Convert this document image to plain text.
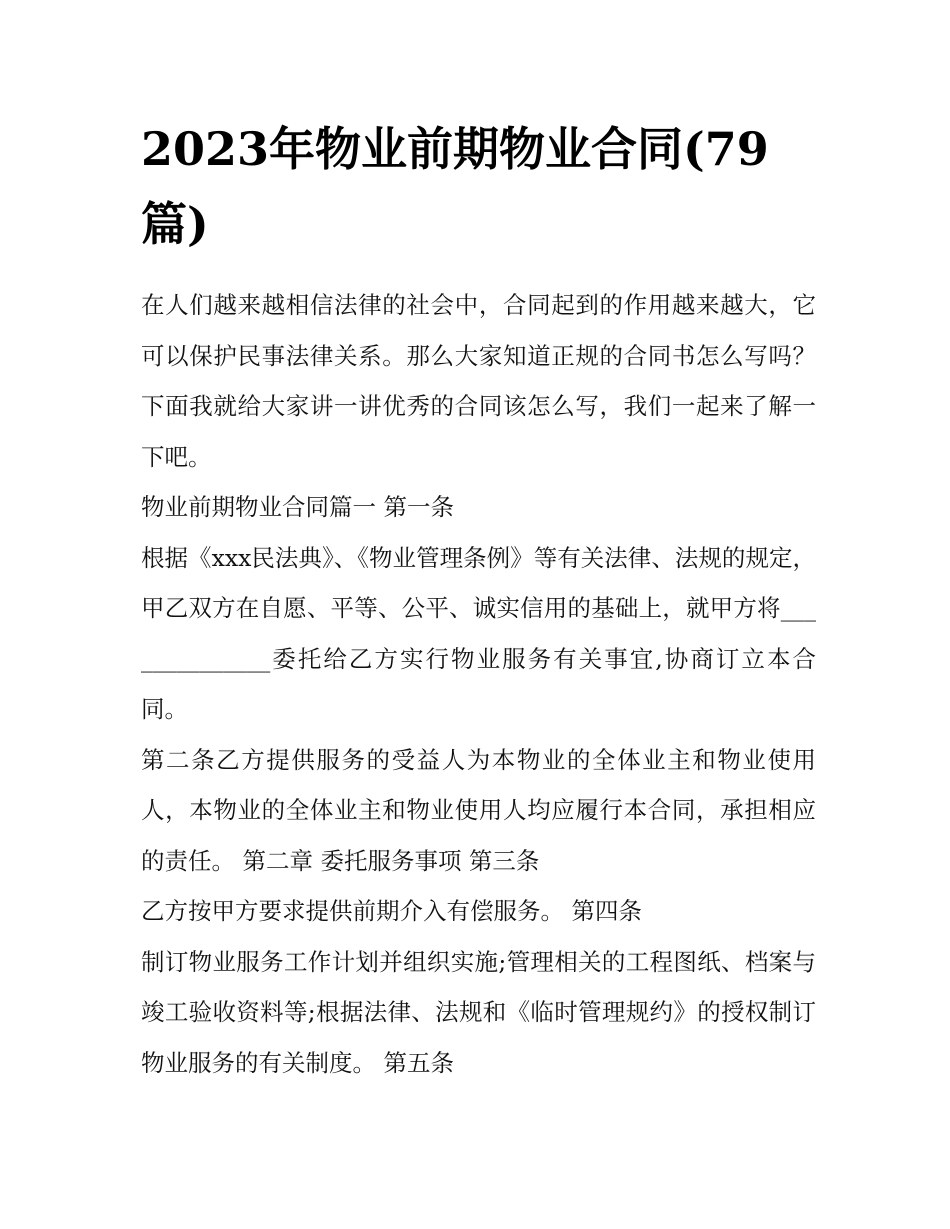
2023年物业前期物业合同(79篇)

在人们越来越相信法律的社会中，合同起到的作用越来越大，它可以保护民事法律关系。那么大家知道正规的合同书怎么写吗？下面我就给大家讲一讲优秀的合同该怎么写，我们一起来了解一下吧。

物业前期物业合同篇一 第一条

根据《xxx民法典》、《物业管理条例》等有关法律、法规的规定，甲乙双方在自愿、平等、公平、诚实信用的基础上，就甲方将______________委托给乙方实行物业服务有关事宜,协商订立本合同。

第二条乙方提供服务的受益人为本物业的全体业主和物业使用人，本物业的全体业主和物业使用人均应履行本合同，承担相应的责任。 第二章 委托服务事项 第三条

乙方按甲方要求提供前期介入有偿服务。 第四条

制订物业服务工作计划并组织实施;管理相关的工程图纸、档案与竣工验收资料等;根据法律、法规和《临时管理规约》的授权制订物业服务的有关制度。 第五条
